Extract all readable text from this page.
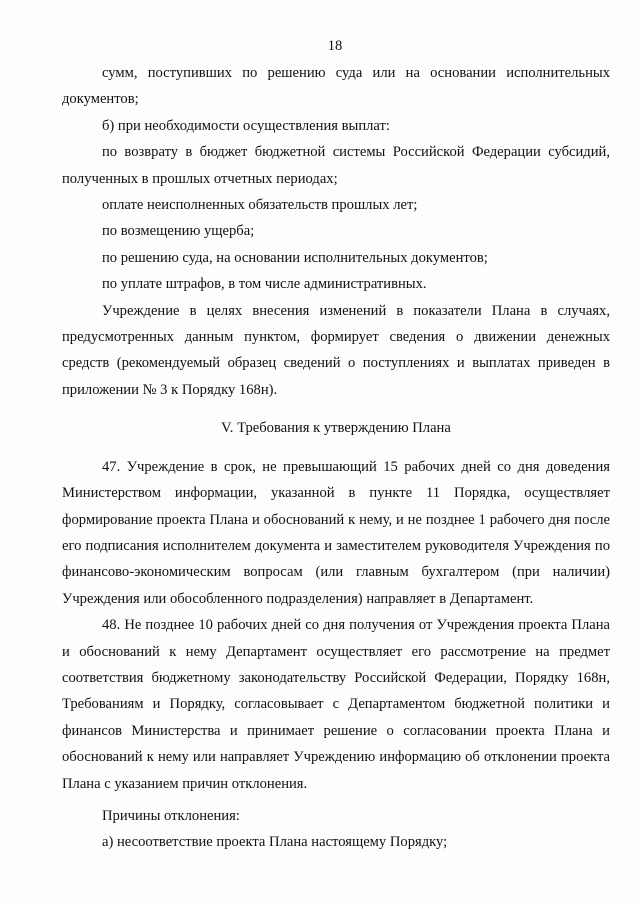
18

сумм, поступивших по решению суда или на основании исполнительных документов;

б) при необходимости осуществления выплат:

по возврату в бюджет бюджетной системы Российской Федерации субсидий, полученных в прошлых отчетных периодах;

оплате неисполненных обязательств прошлых лет;

по возмещению ущерба;

по решению суда, на основании исполнительных документов;

по уплате штрафов, в том числе административных.

Учреждение в целях внесения изменений в показатели Плана в случаях, предусмотренных данным пунктом, формирует сведения о движении денежных средств (рекомендуемый образец сведений о поступлениях и выплатах приведен в приложении № 3 к Порядку 168н).

V. Требования к утверждению Плана

47. Учреждение в срок, не превышающий 15 рабочих дней со дня доведения Министерством информации, указанной в пункте 11 Порядка, осуществляет формирование проекта Плана и обоснований к нему, и не позднее 1 рабочего дня после его подписания исполнителем документа и заместителем руководителя Учреждения по финансово-экономическим вопросам (или главным бухгалтером (при наличии) Учреждения или обособленного подразделения) направляет в Департамент.

48. Не позднее 10 рабочих дней со дня получения от Учреждения проекта Плана и обоснований к нему Департамент осуществляет его рассмотрение на предмет соответствия бюджетному законодательству Российской Федерации, Порядку 168н, Требованиям и Порядку, согласовывает с Департаментом бюджетной политики и финансов Министерства и принимает решение о согласовании проекта Плана и обоснований к нему или направляет Учреждению информацию об отклонении проекта Плана с указанием причин отклонения.

Причины отклонения:

а) несоответствие проекта Плана настоящему Порядку;
